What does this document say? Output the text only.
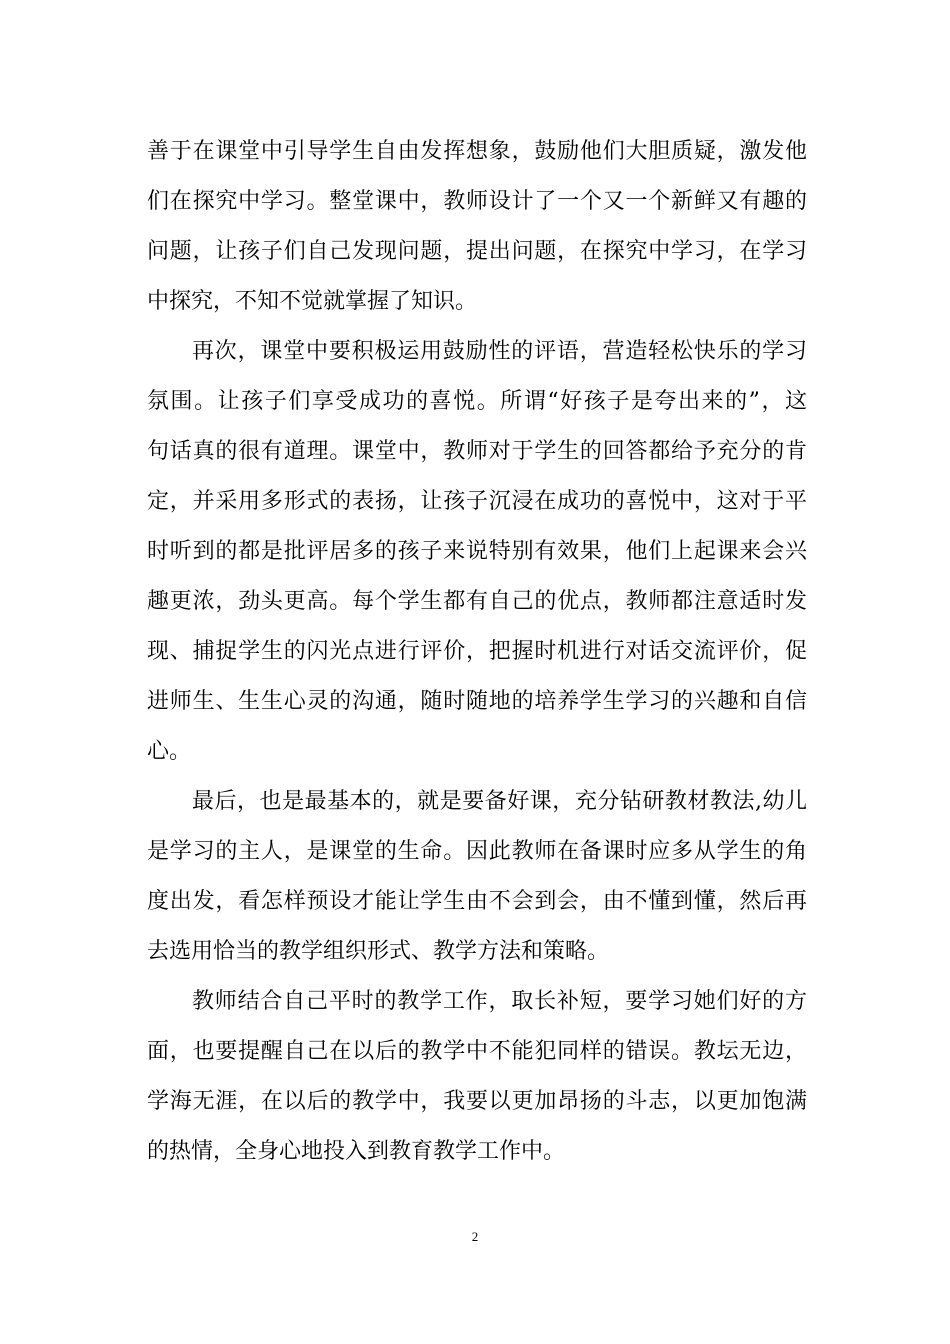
善于在课堂中引导学生自由发挥想象，鼓励他们大胆质疑，激发他
们在探究中学习。整堂课中，教师设计了一个又一个新鲜又有趣的
问题，让孩子们自己发现问题，提出问题，在探究中学习，在学习
中探究，不知不觉就掌握了知识。
再次，课堂中要积极运用鼓励性的评语，营造轻松快乐的学习
氛围。让孩子们享受成功的喜悦。所谓“好孩子是夸出来的”，这
句话真的很有道理。课堂中，教师对于学生的回答都给予充分的肯
定，并采用多形式的表扬，让孩子沉浸在成功的喜悦中，这对于平
时听到的都是批评居多的孩子来说特别有效果，他们上起课来会兴
趣更浓，劲头更高。每个学生都有自己的优点，教师都注意适时发
现、捕捉学生的闪光点进行评价，把握时机进行对话交流评价，促
进师生、生生心灵的沟通，随时随地的培养学生学习的兴趣和自信
心。
最后，也是最基本的，就是要备好课，充分钻研教材教法,幼儿
是学习的主人，是课堂的生命。因此教师在备课时应多从学生的角
度出发，看怎样预设才能让学生由不会到会，由不懂到懂，然后再
去选用恰当的教学组织形式、教学方法和策略。
教师结合自己平时的教学工作，取长补短，要学习她们好的方
面，也要提醒自己在以后的教学中不能犯同样的错误。教坛无边，
学海无涯，在以后的教学中，我要以更加昂扬的斗志，以更加饱满
的热情，全身心地投入到教育教学工作中。
2
